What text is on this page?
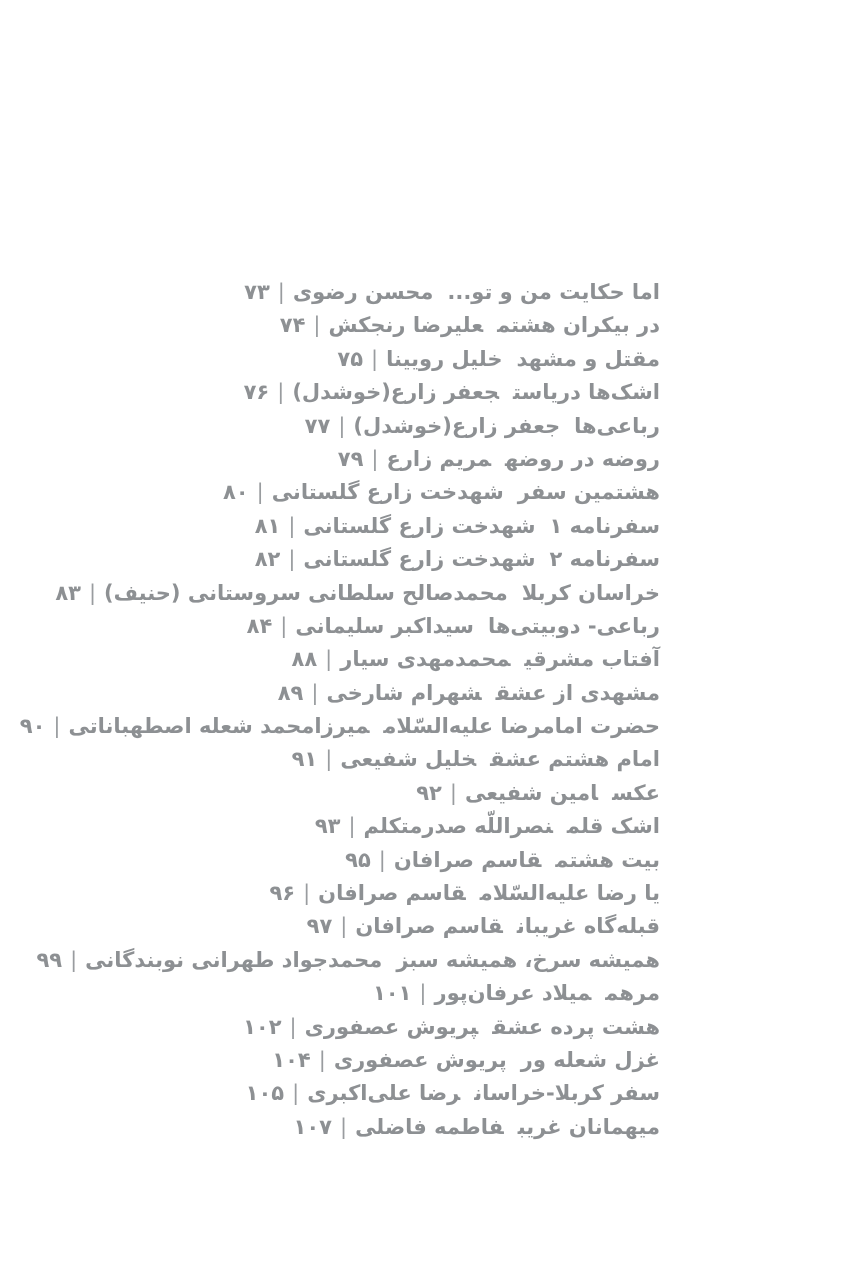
اما حکایت من و تو...محسن رضوی|۷۳
در بیکران هشتمعلیرضا رنجکش|۷۴
مقتل و مشهدخلیل رویینا|۷۵
اشک‌ها دریاستجعفر زارع(خوشدل)|۷۶
رباعی‌هاجعفر زارع(خوشدل)|۷۷
روضه در روضهمریم زارع|۷۹
هشتمین سفرشهدخت زارع گلستانی|۸۰
سفرنامه ۱شهدخت زارع گلستانی|۸۱
سفرنامه ۲شهدخت زارع گلستانی|۸۲
خراسان کربلامحمدصالح سلطانی سروستانی (حنیف)|۸۳
رباعی- دوبیتی‌هاسیداکبر سلیمانی|۸۴
آفتاب مشرقیمحمدمهدی سیار|۸۸
مشهدی از عشقشهرام شارخی|۸۹
حضرت امامرضا علیه‌السّلاممیرزامحمد شعله اصطهباناتی|۹۰
امام هشتم عشقخلیل شفیعی|۹۱
عکسامین شفیعی|۹۲
اشک قلمنصراللّه صدرمتکلم|۹۳
بیت هشتمقاسم صرافان|۹۵
یا رضا علیه‌السّلامقاسم صرافان|۹۶
قبله‌گاه غریبانقاسم صرافان|۹۷
همیشه سرخ، همیشه سبزمحمدجواد طهرانی نوبندگانی|۹۹
مرهممیلاد عرفان‌پور|۱۰۱
هشت پرده عشقپریوش عصفوری|۱۰۲
غزل شعله ورپریوش عصفوری|۱۰۴
سفر کربلا-خراسانرضا علی‌اکبری|۱۰۵
میهمانان غریبفاطمه فاضلی|۱۰۷
